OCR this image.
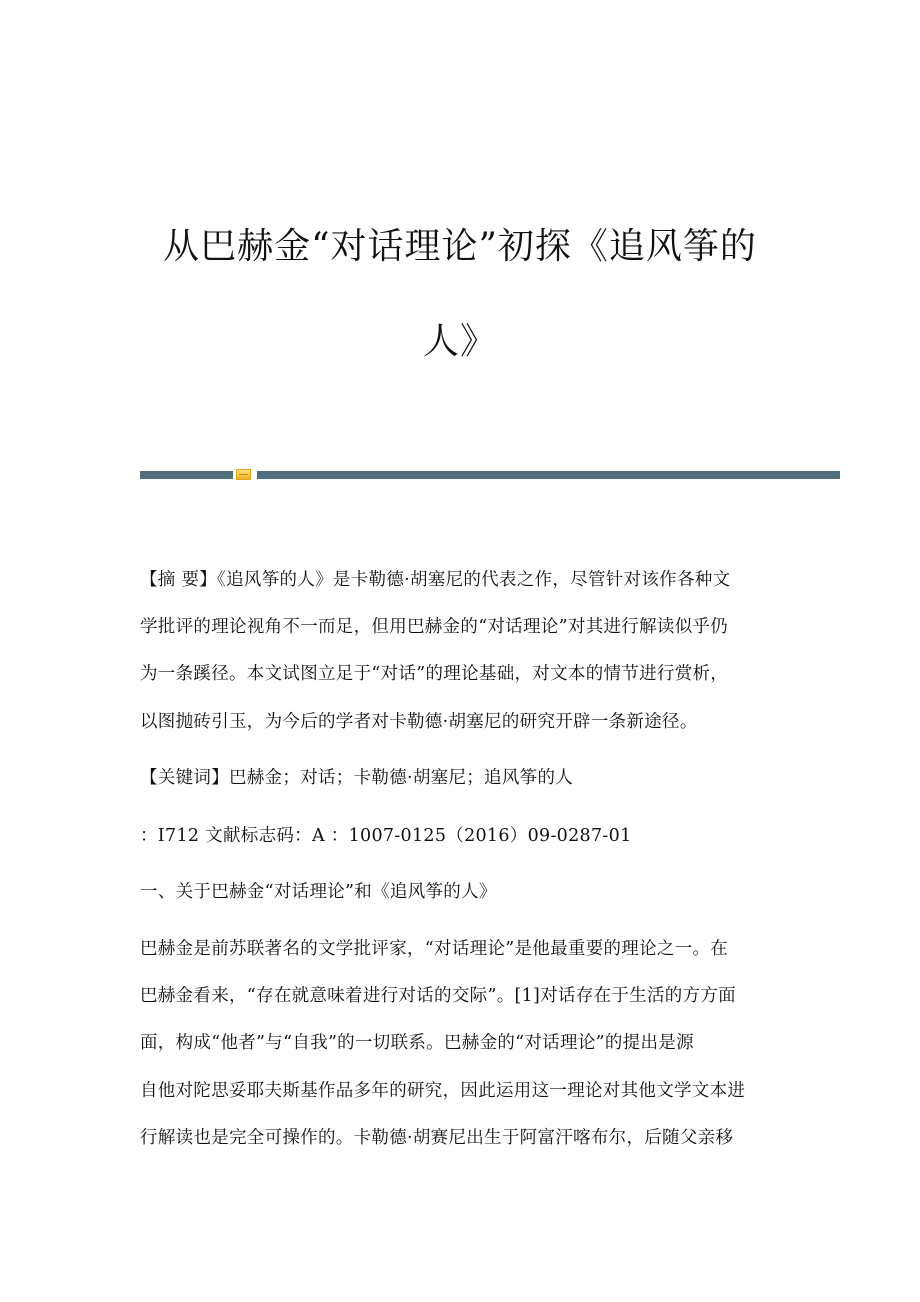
从巴赫金“对话理论”初探《追风筝的
人》
【摘 要】《追风筝的人》是卡勒德·胡塞尼的代表之作，尽管针对该作各种文
学批评的理论视角不一而足，但用巴赫金的“对话理论”对其进行解读似乎仍
为一条蹊径。本文试图立足于“对话”的理论基础，对文本的情节进行赏析，
以图抛砖引玉，为今后的学者对卡勒德·胡塞尼的研究开辟一条新途径。
【关键词】巴赫金；对话；卡勒德·胡塞尼；追风筝的人
：I712 文献标志码：A ：1007-0125（2016）09-0287-01
一、关于巴赫金“对话理论”和《追风筝的人》
巴赫金是前苏联著名的文学批评家，“对话理论”是他最重要的理论之一。在
巴赫金看来，“存在就意味着进行对话的交际”。[1]对话存在于生活的方方面
面，构成“他者”与“自我”的一切联系。巴赫金的“对话理论”的提出是源
自他对陀思妥耶夫斯基作品多年的研究，因此运用这一理论对其他文学文本进
行解读也是完全可操作的。卡勒德·胡赛尼出生于阿富汗喀布尔，后随父亲移
